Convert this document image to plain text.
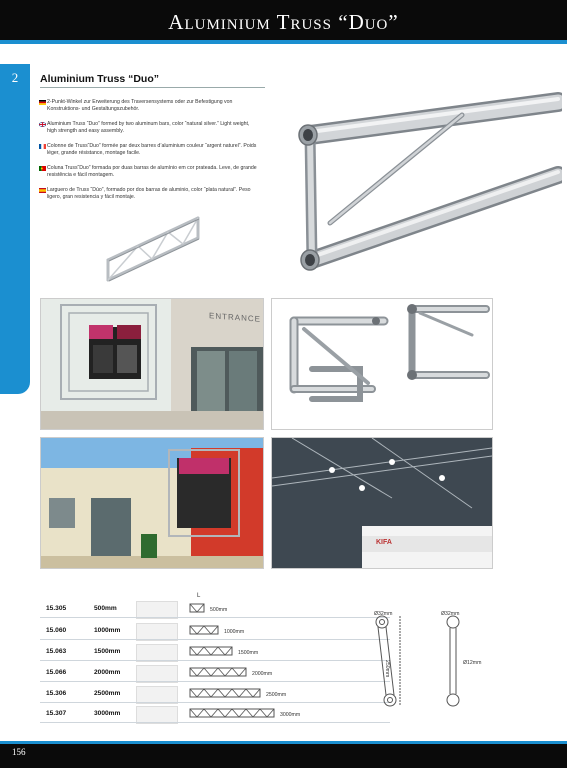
Aluminium Truss “Duo”
2	Aluminium Truss “Duo”
2-Punkt-Winkel zur Erweiterung des Traversensystems oder zur Befestigung von Konstruktions- und Gestaltungszubehör.
Aluminium Truss “Duo” formed by two aluminum bars, color “natural silver.” Light weight, high strength and easy assembly.
Colonne de Truss“Duo” formée par deux barres d’aluminium couleur “argent naturel”. Poids léger, grande résistance, montage facile.
Coluna Truss“Duo” formada por duas barras de alumínio em cor prateada. Leve, de grande resistência e fácil montagem.
Larguero de Truss “Dúo”, formado por dos barras de aluminio, color “plata natural”. Peso ligero, gran resistencia y fácil montaje.
ENTRANCE
KIFA
L
15.305	500mm	500mm
15.060	1000mm	1000mm
15.063	1500mm	1500mm
15.066	2000mm	2000mm
15.306	2500mm	2500mm
15.307	3000mm	3000mm
Ø32mm	Ø32mm
250mm	Ø12mm
156
